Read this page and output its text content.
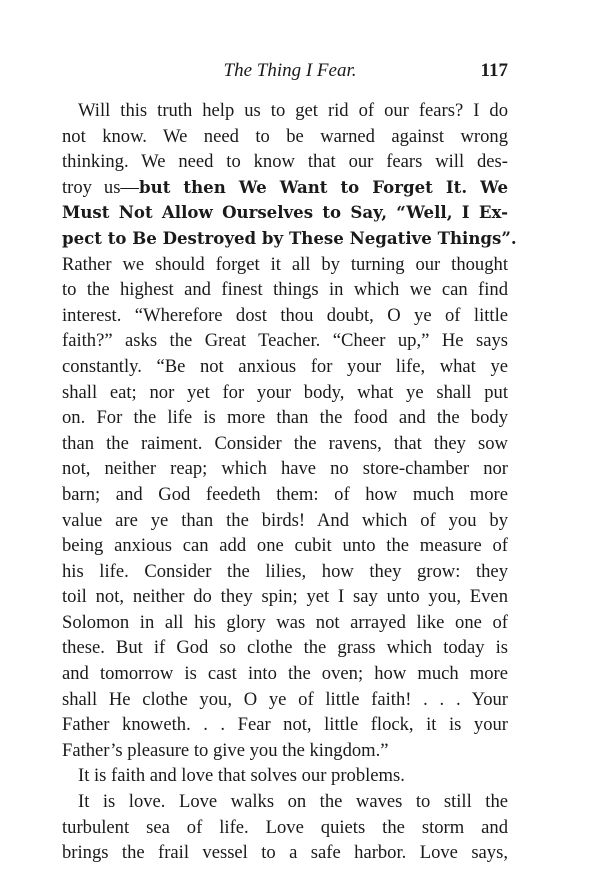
The Thing I Fear.	117
Will this truth help us to get rid of our fears? I do
not know. We need to be warned against wrong
thinking. We need to know that our fears will des-
troy us—but then We Want to Forget It. We
Must Not Allow Ourselves to Say, “Well, I Ex-
pect to Be Destroyed by These Negative Things”.
Rather we should forget it all by turning our thought
to the highest and finest things in which we can find
interest. “Wherefore dost thou doubt, O ye of little
faith?” asks the Great Teacher. “Cheer up,” He says
constantly. “Be not anxious for your life, what ye
shall eat; nor yet for your body, what ye shall put
on. For the life is more than the food and the body
than the raiment. Consider the ravens, that they sow
not, neither reap; which have no store-chamber nor
barn; and God feedeth them: of how much more
value are ye than the birds! And which of you by
being anxious can add one cubit unto the measure of
his life. Consider the lilies, how they grow: they
toil not, neither do they spin; yet I say unto you, Even
Solomon in all his glory was not arrayed like one of
these. But if God so clothe the grass which today is
and tomorrow is cast into the oven; how much more
shall He clothe you, O ye of little faith! . . . Your
Father knoweth. . . Fear not, little flock, it is your
Father’s pleasure to give you the kingdom.”
It is faith and love that solves our problems.
It is love. Love walks on the waves to still the
turbulent sea of life. Love quiets the storm and
brings the frail vessel to a safe harbor. Love says,
